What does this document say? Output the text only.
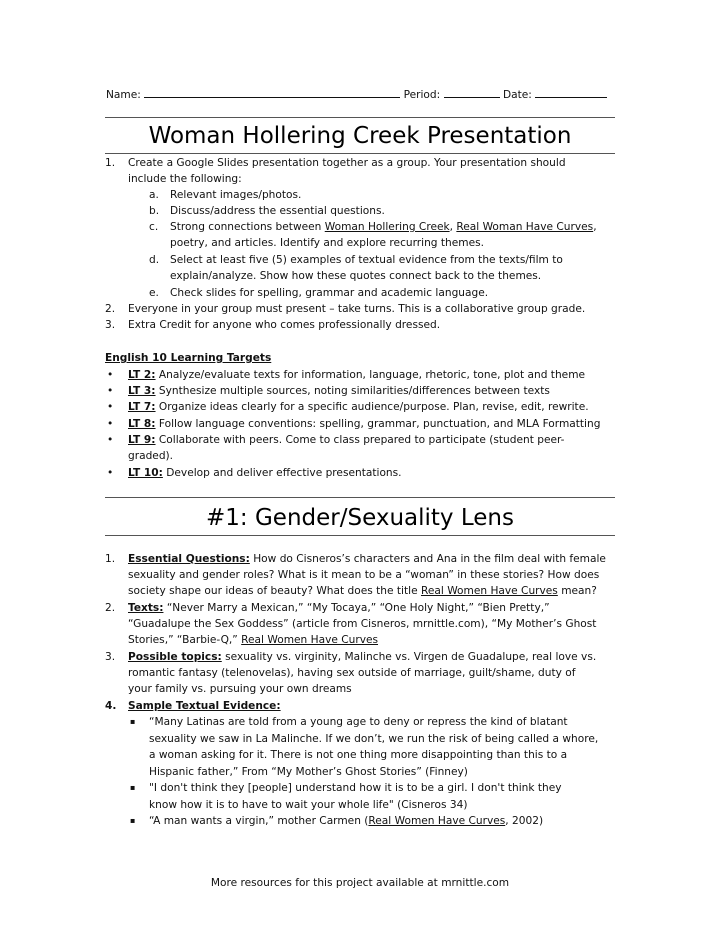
Name:	Period:	Date:
Woman Hollering Creek Presentation
1. Create a Google Slides presentation together as a group. Your presentation should
include the following:
a. Relevant images/photos.
b. Discuss/address the essential questions.
c. Strong connections between Woman Hollering Creek, Real Woman Have Curves,
poetry, and articles. Identify and explore recurring themes.
d. Select at least five (5) examples of textual evidence from the texts/film to
explain/analyze. Show how these quotes connect back to the themes.
e. Check slides for spelling, grammar and academic language.
2. Everyone in your group must present – take turns. This is a collaborative group grade.
3. Extra Credit for anyone who comes professionally dressed.
English 10 Learning Targets
• LT 2: Analyze/evaluate texts for information, language, rhetoric, tone, plot and theme
• LT 3: Synthesize multiple sources, noting similarities/differences between texts
• LT 7: Organize ideas clearly for a specific audience/purpose. Plan, revise, edit, rewrite.
• LT 8: Follow language conventions: spelling, grammar, punctuation, and MLA Formatting
• LT 9: Collaborate with peers. Come to class prepared to participate (student peer-
graded).
• LT 10: Develop and deliver effective presentations.
#1: Gender/Sexuality Lens
1. Essential Questions: How do Cisneros’s characters and Ana in the film deal with female
sexuality and gender roles? What is it mean to be a “woman” in these stories? How does
society shape our ideas of beauty? What does the title Real Women Have Curves mean?
2. Texts: “Never Marry a Mexican,” “My Tocaya,” “One Holy Night,” “Bien Pretty,”
“Guadalupe the Sex Goddess” (article from Cisneros, mrnittle.com), “My Mother’s Ghost
Stories,” “Barbie-Q,” Real Women Have Curves
3. Possible topics: sexuality vs. virginity, Malinche vs. Virgen de Guadalupe, real love vs.
romantic fantasy (telenovelas), having sex outside of marriage, guilt/shame, duty of
your family vs. pursuing your own dreams
4. Sample Textual Evidence:
▪ “Many Latinas are told from a young age to deny or repress the kind of blatant
sexuality we saw in La Malinche. If we don’t, we run the risk of being called a whore,
a woman asking for it. There is not one thing more disappointing than this to a
Hispanic father,” From “My Mother’s Ghost Stories” (Finney)
▪ "I don't think they [people] understand how it is to be a girl. I don't think they
know how it is to have to wait your whole life" (Cisneros 34)
▪ “A man wants a virgin,” mother Carmen (Real Women Have Curves, 2002)
More resources for this project available at mrnittle.com
